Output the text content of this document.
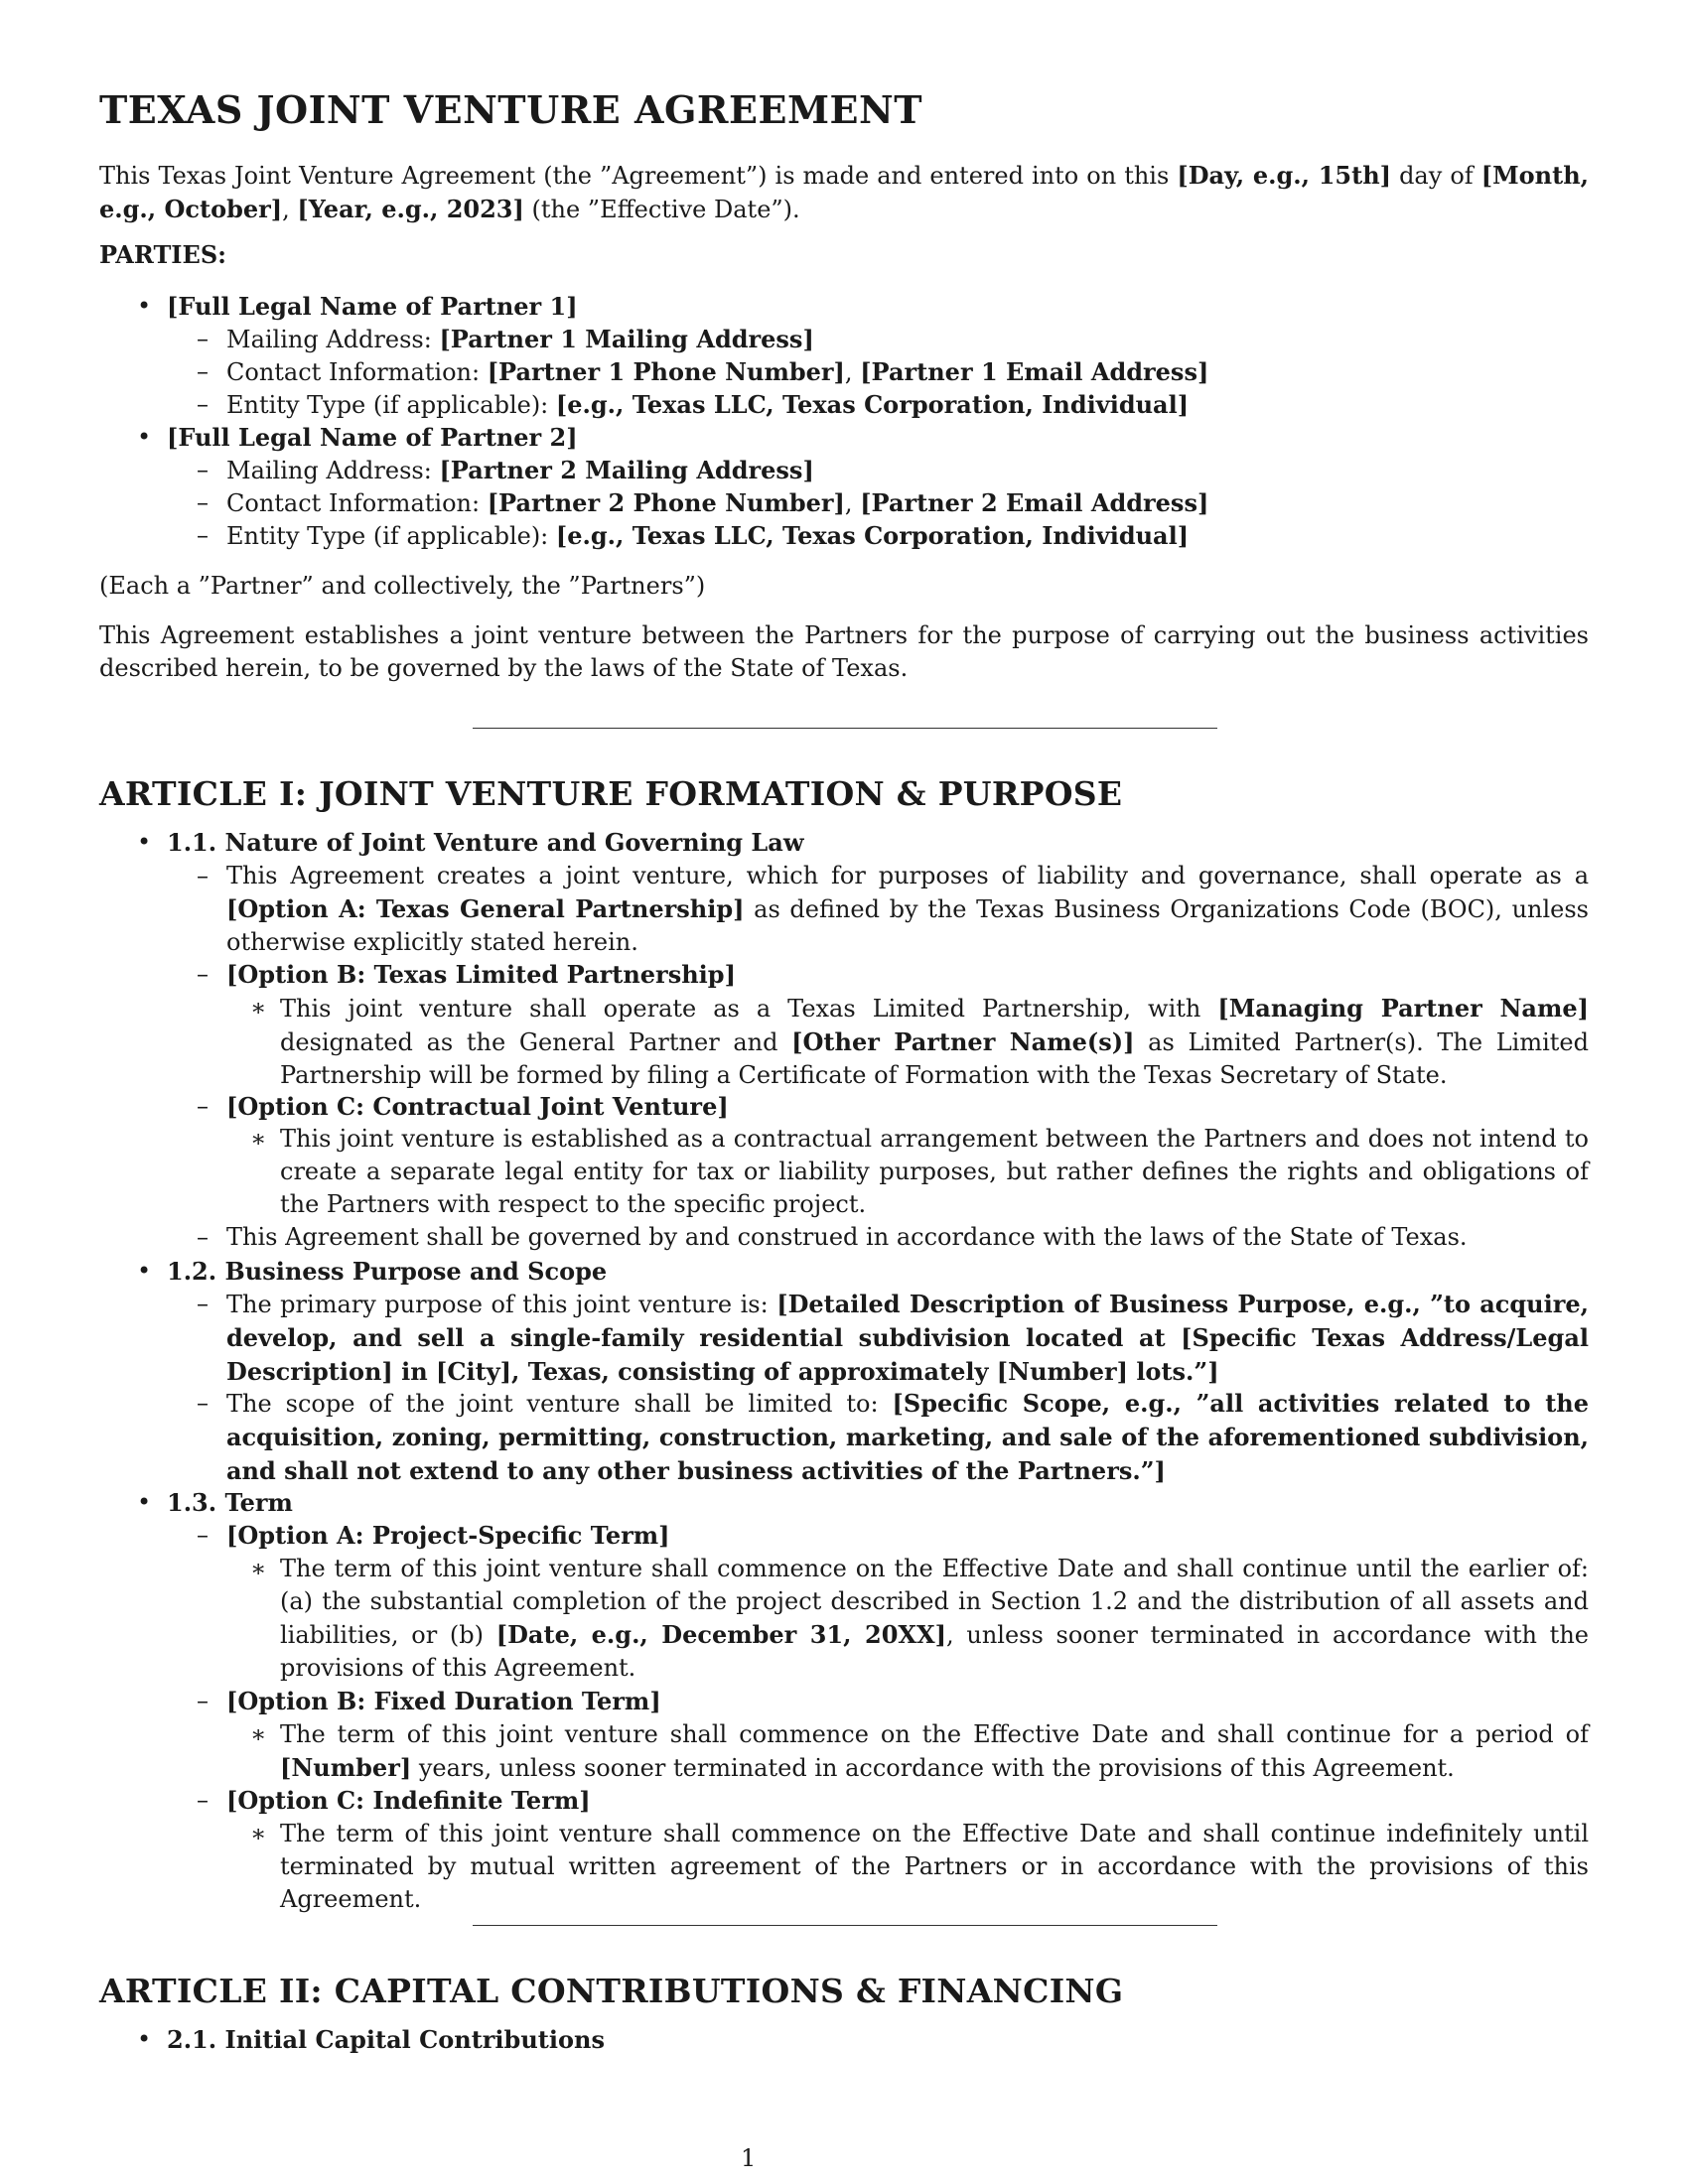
TEXAS JOINT VENTURE AGREEMENT

This Texas Joint Venture Agreement (the ”Agreement”) is made and entered into on this [Day, e.g., 15th] day of [Month, e.g., October], [Year, e.g., 2023] (the ”Effective Date”).

PARTIES:

• [Full Legal Name of Partner 1]
– Mailing Address: [Partner 1 Mailing Address]
– Contact Information: [Partner 1 Phone Number], [Partner 1 Email Address]
– Entity Type (if applicable): [e.g., Texas LLC, Texas Corporation, Individual]
• [Full Legal Name of Partner 2]
– Mailing Address: [Partner 2 Mailing Address]
– Contact Information: [Partner 2 Phone Number], [Partner 2 Email Address]
– Entity Type (if applicable): [e.g., Texas LLC, Texas Corporation, Individual]

(Each a ”Partner” and collectively, the ”Partners”)

This Agreement establishes a joint venture between the Partners for the purpose of carrying out the business activities described herein, to be governed by the laws of the State of Texas.

ARTICLE I: JOINT VENTURE FORMATION & PURPOSE
• 1.1. Nature of Joint Venture and Governing Law
– This Agreement creates a joint venture, which for purposes of liability and governance, shall operate as a [Option A: Texas General Partnership] as defined by the Texas Business Organizations Code (BOC), unless otherwise explicitly stated herein.
– [Option B: Texas Limited Partnership]
∗ This joint venture shall operate as a Texas Limited Partnership, with [Managing Partner Name] designated as the General Partner and [Other Partner Name(s)] as Limited Partner(s). The Limited Partnership will be formed by filing a Certificate of Formation with the Texas Secretary of State.
– [Option C: Contractual Joint Venture]
∗ This joint venture is established as a contractual arrangement between the Partners and does not intend to create a separate legal entity for tax or liability purposes, but rather defines the rights and obligations of the Partners with respect to the specific project.
– This Agreement shall be governed by and construed in accordance with the laws of the State of Texas.
• 1.2. Business Purpose and Scope
– The primary purpose of this joint venture is: [Detailed Description of Business Purpose, e.g., ”to acquire, develop, and sell a single-family residential subdivision located at [Specific Texas Address/Legal Description] in [City], Texas, consisting of approximately [Number] lots.”]
– The scope of the joint venture shall be limited to: [Specific Scope, e.g., ”all activities related to the acquisition, zoning, permitting, construction, marketing, and sale of the aforementioned subdivision, and shall not extend to any other business activities of the Partners.”]
• 1.3. Term
– [Option A: Project-Specific Term]
∗ The term of this joint venture shall commence on the Effective Date and shall continue until the earlier of: (a) the substantial completion of the project described in Section 1.2 and the distribution of all assets and liabilities, or (b) [Date, e.g., December 31, 20XX], unless sooner terminated in accordance with the provisions of this Agreement.
– [Option B: Fixed Duration Term]
∗ The term of this joint venture shall commence on the Effective Date and shall continue for a period of [Number] years, unless sooner terminated in accordance with the provisions of this Agreement.
– [Option C: Indefinite Term]
∗ The term of this joint venture shall commence on the Effective Date and shall continue indefinitely until terminated by mutual written agreement of the Partners or in accordance with the provisions of this Agreement.
ARTICLE II: CAPITAL CONTRIBUTIONS & FINANCING
• 2.1. Initial Capital Contributions
1
